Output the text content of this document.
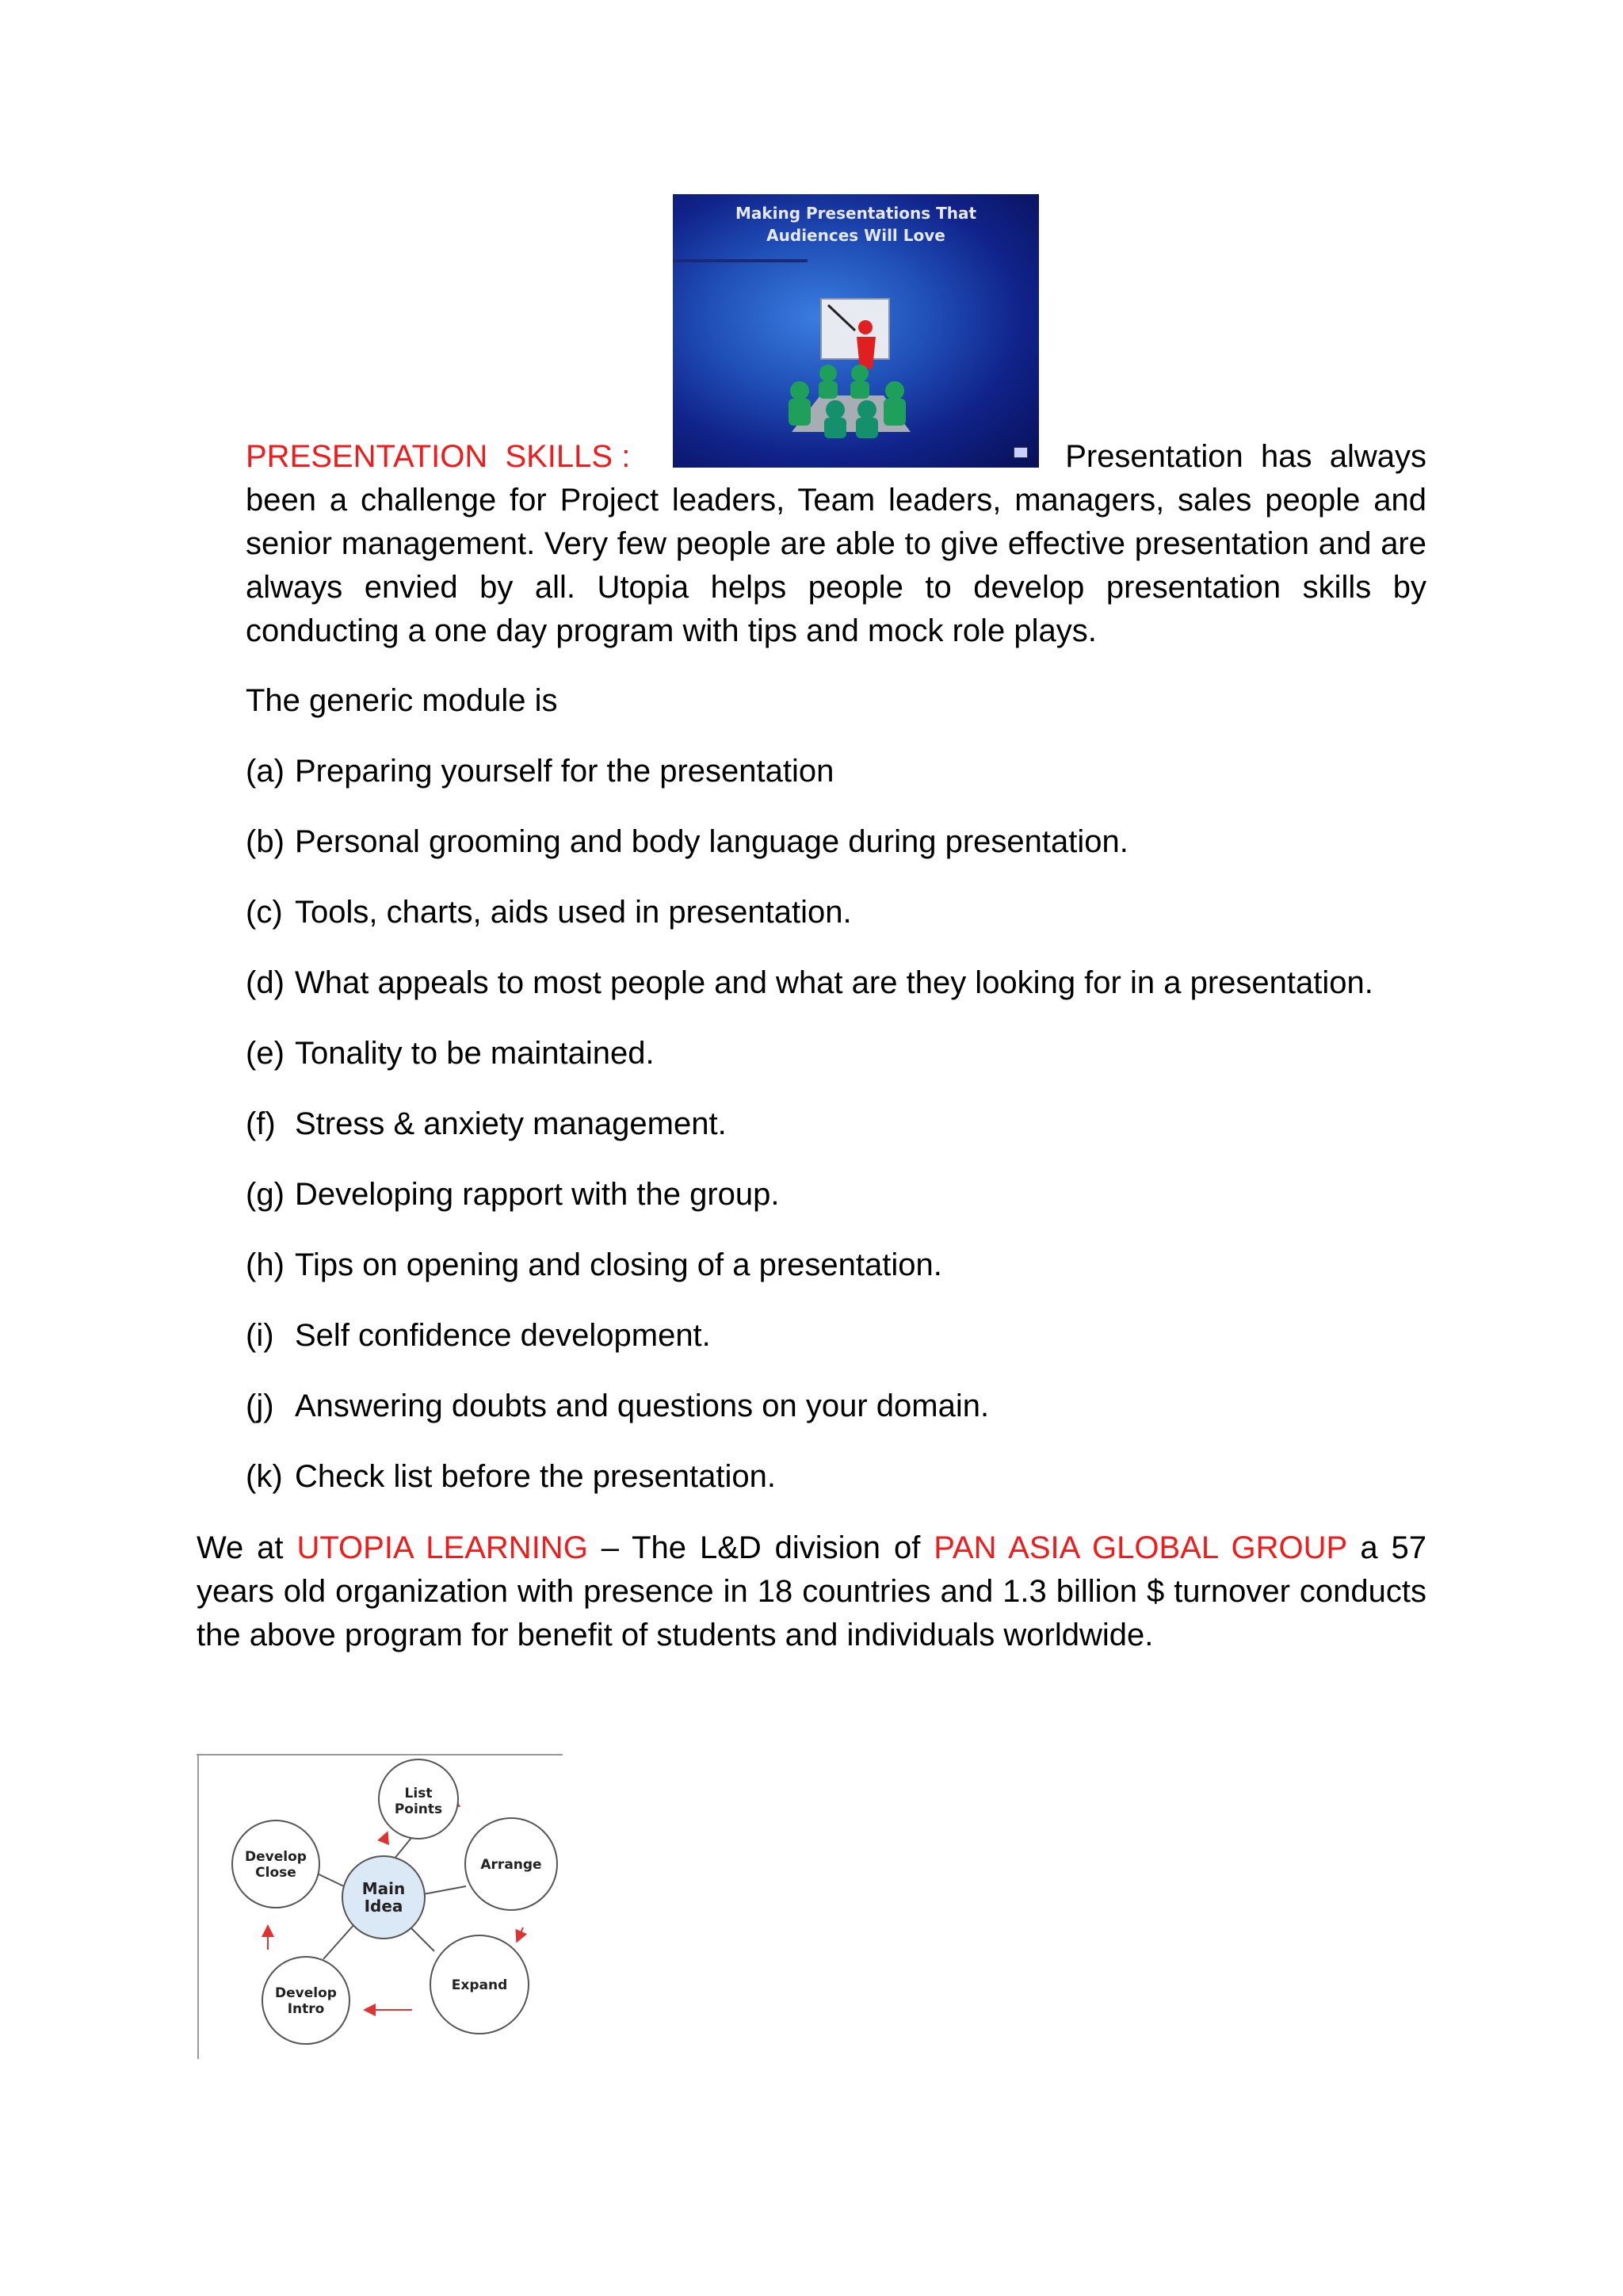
Making Presentations That
Audiences Will Love
PRESENTATION  SKILLS :	Presentation  has  always
been a challenge for Project leaders, Team leaders, managers, sales people and senior management. Very few people are able to give effective presentation and are always envied by all. Utopia helps people to develop presentation skills by conducting a one day program with tips and mock role plays.
The generic module is
(a) Preparing yourself for the presentation
(b) Personal grooming and body language during presentation.
(c) Tools, charts, aids used in presentation.
(d) What appeals to most people and what are they looking for in a presentation.
(e) Tonality to be maintained.
(f) Stress & anxiety management.
(g) Developing rapport with the group.
(h) Tips on opening and closing of a presentation.
(i) Self confidence development.
(j) Answering doubts and questions on your domain.
(k) Check list before the presentation.
We at UTOPIA LEARNING – The L&D division of PAN ASIA GLOBAL GROUP a 57 years old organization with presence in 18 countries and 1.3 billion $ turnover conducts the above program for benefit of students and individuals worldwide.
Main
Idea
List
Points
Arrange
Expand
Develop
Intro
Develop
Close
